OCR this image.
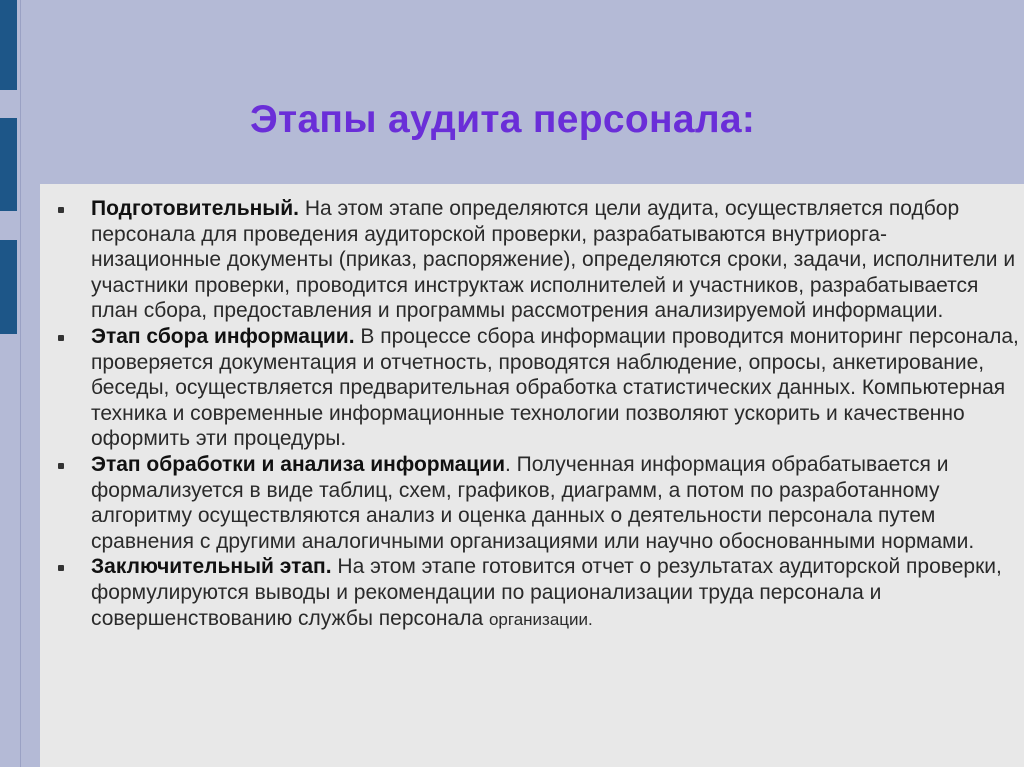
Этапы аудита персонала:
Подготовительный. На этом этапе определяются цели аудита, осуществляется подбор персонала для проведения аудиторской проверки, разрабатываются внутриорга- низационные документы (приказ, распоряжение), определяются сроки, задачи, исполнители и участники проверки, проводится инструктаж исполнителей и участников, разрабатывается план сбора, предоставления и программы рассмотрения анализируемой информации.
Этап сбора информации. В процессе сбора информации проводится мониторинг персонала, проверяется документация и отчетность, проводятся наблюдение, опросы, анкетирование, беседы, осуществляется предварительная обработка статистических данных. Компьютерная техника и современные информационные технологии позволяют ускорить и качественно оформить эти процедуры.
Этап обработки и анализа информации. Полученная информация обрабатывается и формализуется в виде таблиц, схем, графиков, диаграмм, а потом по разработанному алгоритму осуществляются анализ и оценка данных о деятельности персонала путем сравнения с другими аналогичными организациями или научно обоснованными нормами.
Заключительный этап. На этом этапе готовится отчет о результатах аудиторской проверки, формулируются выводы и рекомендации по рационализации труда персонала и совершенствованию службы персонала организации.
